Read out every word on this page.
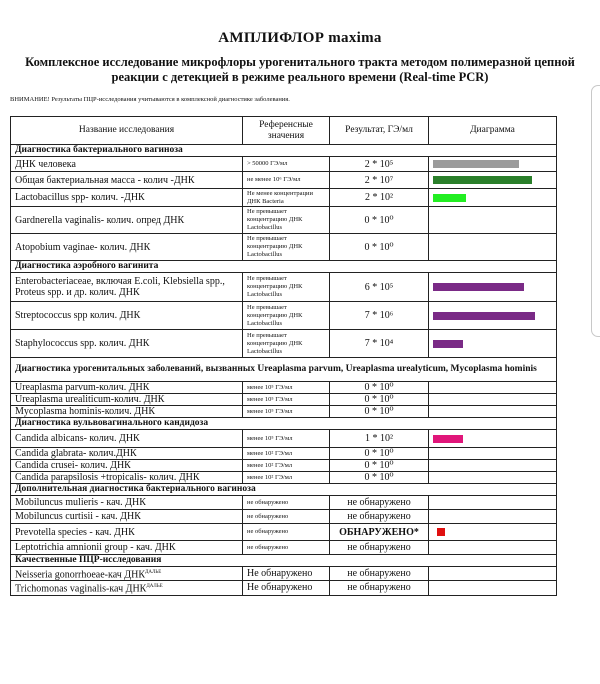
АМПЛИФЛОР maxima
Комплексное исследование микрофлоры урогенитального тракта методом полимеразной цепной реакции с детекцией в режиме реального времени (Real-time PCR)
ВНИМАНИЕ! Результаты ПЦР-исследования учитываются в комплексной диагностике заболевания.
Название исследования	Референсные значения	Результат, ГЭ/мл	Диаграмма
Диагностика бактериального вагиноза			
ДНК человека	> 50000 ГЭ/мл	2 * 10⁵	
Общая бактериальная масса - колич -ДНК	не менее 10⁶ ГЭ/мл	2 * 10⁷	
Lactobacillus spp- колич. -ДНК	Не менее концентрации ДНК Bacteria	2 * 10²	
Gardnerella vaginalis- колич. опред ДНК	Не превышает концентрацию ДНК Lactobacillus	0 * 10⁰	
Atopobium vaginae- колич. ДНК	Не превышает концентрацию ДНК Lactobacillus	0 * 10⁰	
Диагностика аэробного вагинита			
Enterobacteriaceae, включая E.coli, Klebsiella spp., Proteus spp. и др. колич. ДНК	Не превышает концентрацию ДНК Lactobacillus	6 * 10⁵	
Streptococcus spp колич. ДНК	Не превышает концентрацию ДНК Lactobacillus	7 * 10⁶	
Staphylococcus spp. колич. ДНК	Не превышает концентрацию ДНК Lactobacillus	7 * 10⁴	
Диагностика урогенитальных заболеваний, вызванных Ureaplasma parvum, Ureaplasma urealyticum, Mycoplasma hominis			
Ureaplasma parvum-колич. ДНК	менее 10⁵ ГЭ/мл	0 * 10⁰	
Ureaplasma urealiticum-колич. ДНК	менее 10⁵ ГЭ/мл	0 * 10⁰	
Mycoplasma hominis-колич. ДНК	менее 10⁵ ГЭ/мл	0 * 10⁰	
Диагностика вульвовагинального кандидоза			
Candida albicans- колич. ДНК	менее 10⁵ ГЭ/мл	1 * 10²	
Candida glabrata- колич.ДНК	менее 10² ГЭ/мл	0 * 10⁰	
Candida crusei- колич. ДНК	менее 10² ГЭ/мл	0 * 10⁰	
Candida parapsilosis +tropicalis- колич. ДНК	менее 10² ГЭ/мл	0 * 10⁰	
Дополнительная диагностика бактериального вагиноза			
Mobiluncus mulieris - кач. ДНК	не обнаружено	не обнаружено	
Mobiluncus curtisii - кач. ДНК	не обнаружено	не обнаружено	
Prevotella species - кач. ДНК	не обнаружено	ОБНАРУЖЕНО*	
Leptotrichia amnionii group - кач. ДНК	не обнаружено	не обнаружено	
Качественные ПЦР-исследования			
Neisseria gonorrhoeae-кач $ДНК^{ДАЛЬЕ}$	Не обнаружено	не обнаружено	
Trichomonas vaginalis-кач $ДНК^{ДАЛЬЕ}$	Не обнаружено	не обнаружено	
